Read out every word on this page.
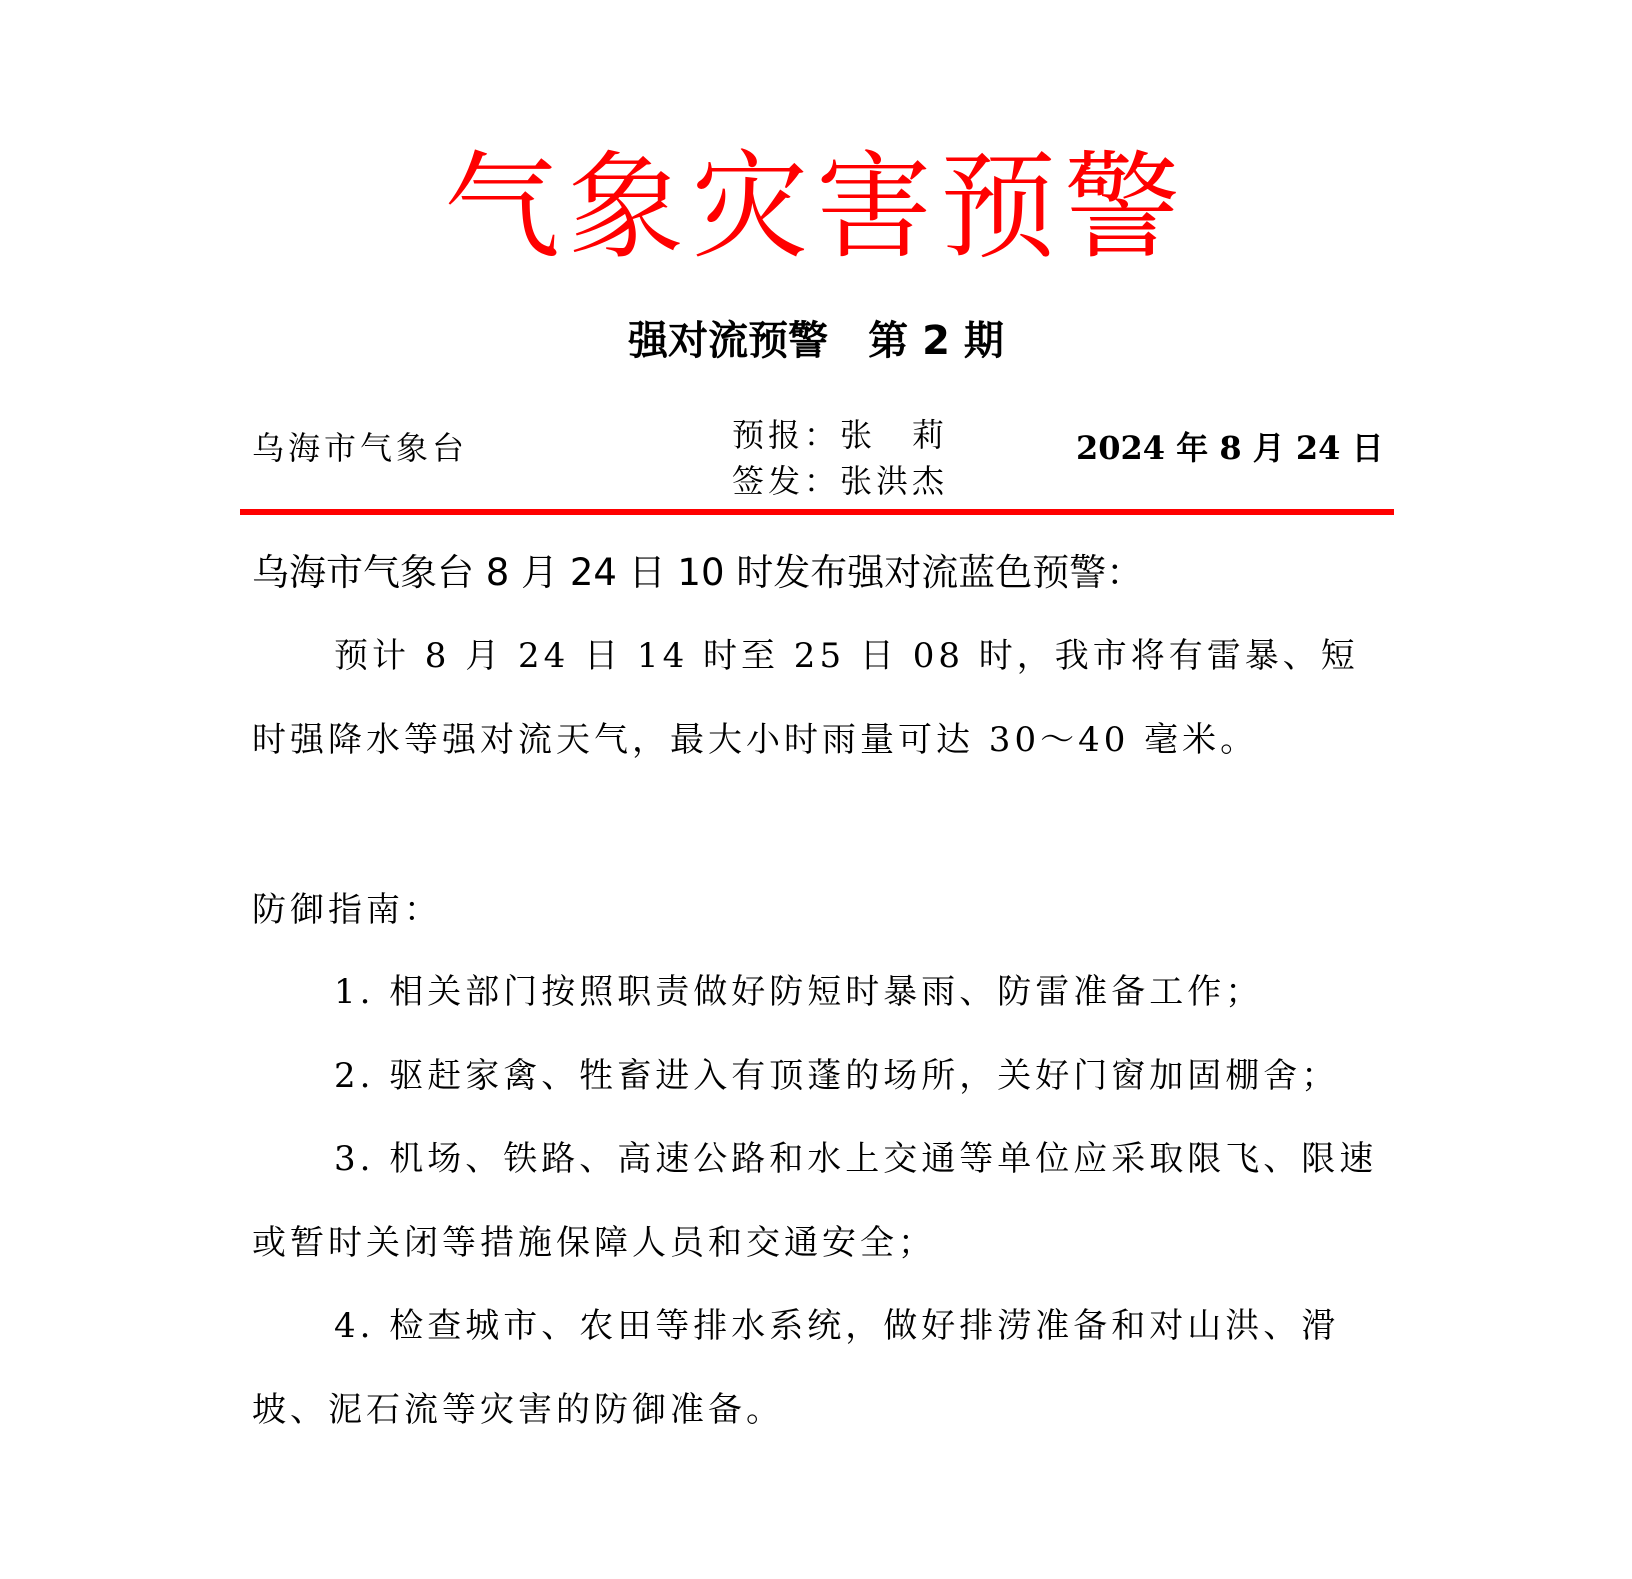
气象灾害预警
强对流预警　第 2 期
乌海市气象台	预报：张　莉
签发：张洪杰
2024 年 8 月 24 日
乌海市气象台 8 月 24 日 10 时发布强对流蓝色预警：

预计 8 月 24 日 14 时至 25 日 08 时，我市将有雷暴、短时强降水等强对流天气，最大小时雨量可达 30～40 毫米。

防御指南：

1. 相关部门按照职责做好防短时暴雨、防雷准备工作；

2. 驱赶家禽、牲畜进入有顶蓬的场所，关好门窗加固棚舍；

3. 机场、铁路、高速公路和水上交通等单位应采取限飞、限速或暂时关闭等措施保障人员和交通安全；

4. 检查城市、农田等排水系统，做好排涝准备和对山洪、滑坡、泥石流等灾害的防御准备。
